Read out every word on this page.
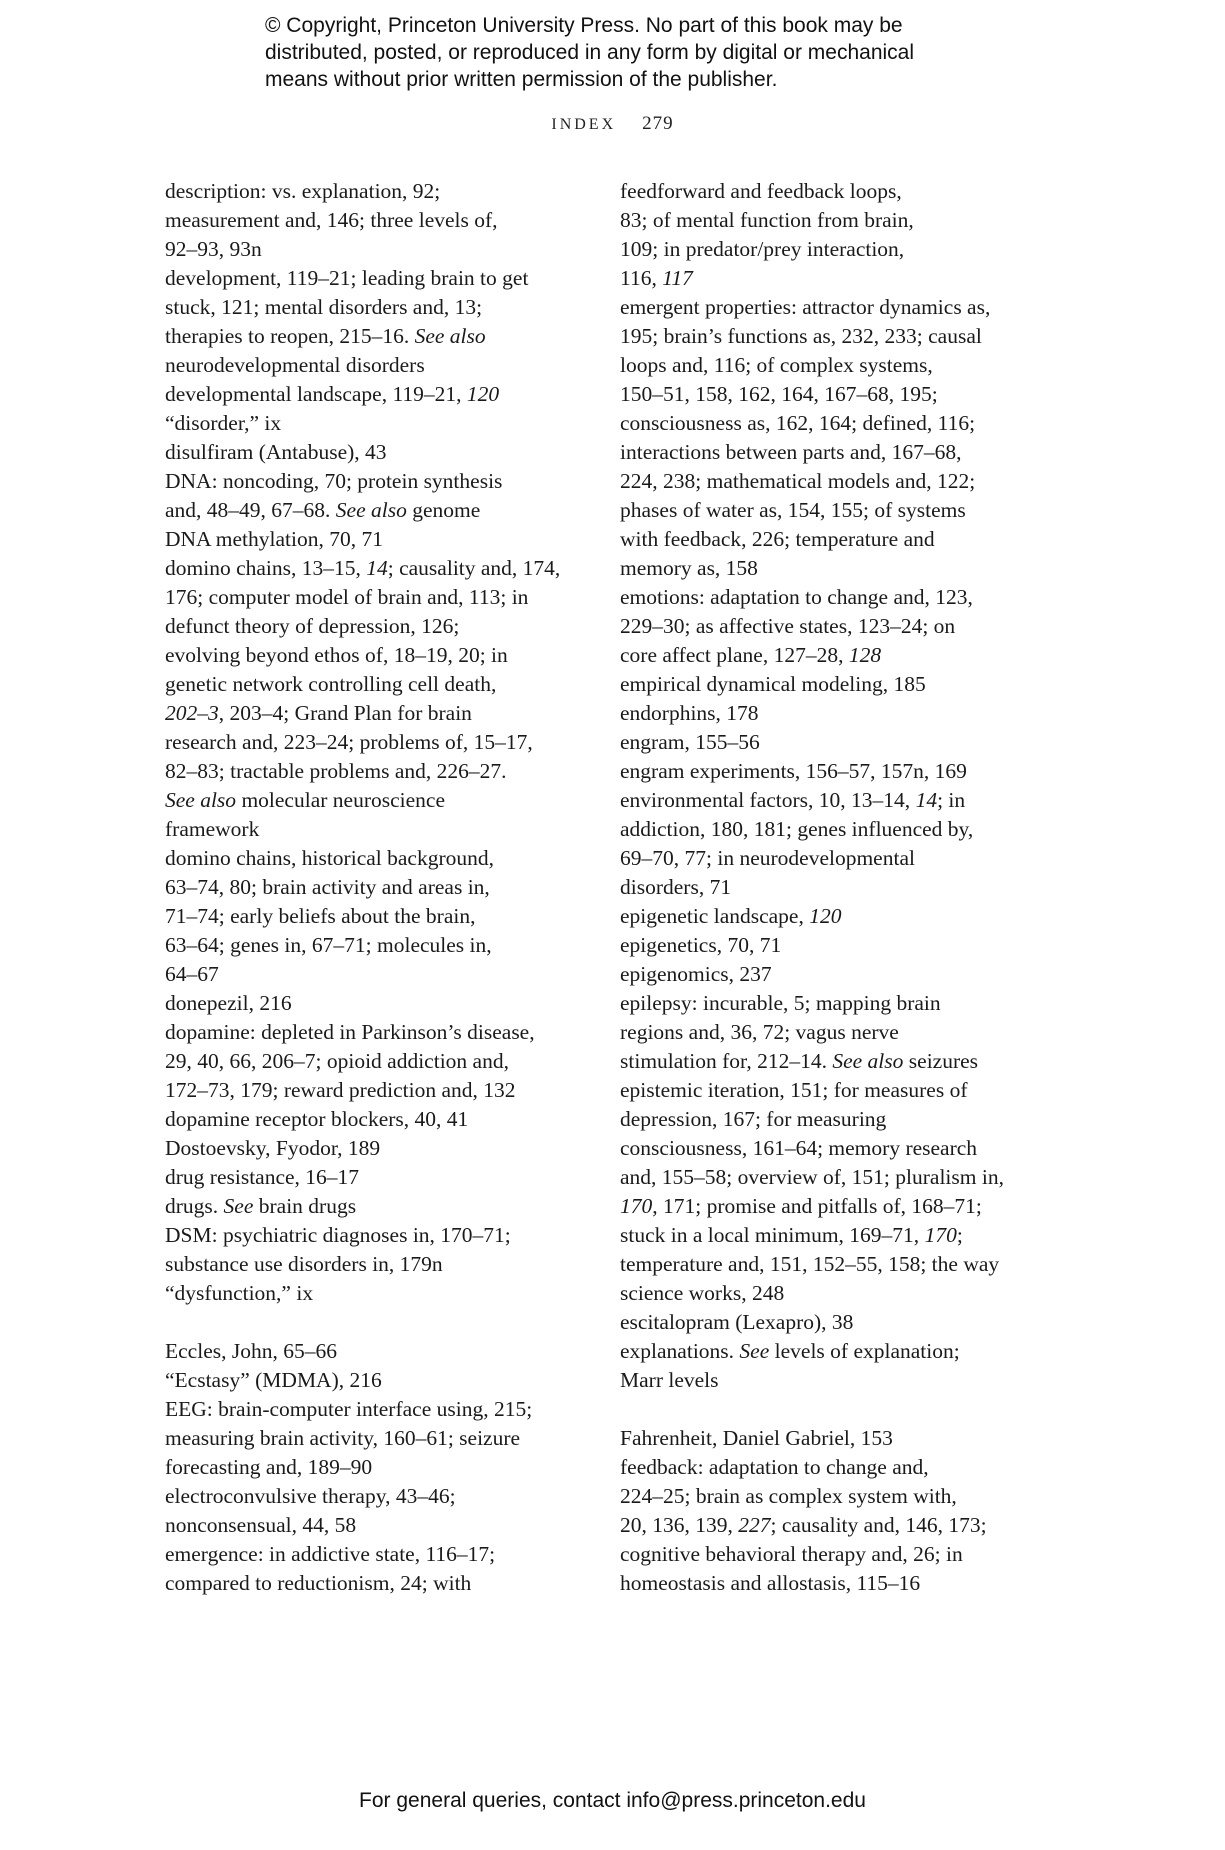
© Copyright, Princeton University Press. No part of this book may be
distributed, posted, or reproduced in any form by digital or mechanical
means without prior written permission of the publisher.
INDEX 279
description: vs. explanation, 92;
measurement and, 146; three levels of,
92–93, 93n
development, 119–21; leading brain to get
stuck, 121; mental disorders and, 13;
therapies to reopen, 215–16. See also
neurodevelopmental disorders
developmental landscape, 119–21, 120
“disorder,” ix
disulfiram (Antabuse), 43
DNA: noncoding, 70; protein synthesis
and, 48–49, 67–68. See also genome
DNA methylation, 70, 71
domino chains, 13–15, 14; causality and, 174,
176; computer model of brain and, 113; in
defunct theory of depression, 126;
evolving beyond ethos of, 18–19, 20; in
genetic network controlling cell death,
202–3, 203–4; Grand Plan for brain
research and, 223–24; problems of, 15–17,
82–83; tractable problems and, 226–27.
See also molecular neuroscience
framework
domino chains, historical background,
63–74, 80; brain activity and areas in,
71–74; early beliefs about the brain,
63–64; genes in, 67–71; molecules in,
64–67
donepezil, 216
dopamine: depleted in Parkinson’s disease,
29, 40, 66, 206–7; opioid addiction and,
172–73, 179; reward prediction and, 132
dopamine receptor blockers, 40, 41
Dostoevsky, Fyodor, 189
drug resistance, 16–17
drugs. See brain drugs
DSM: psychiatric diagnoses in, 170–71;
substance use disorders in, 179n
“dysfunction,” ix
Eccles, John, 65–66
“Ecstasy” (MDMA), 216
EEG: brain-computer interface using, 215;
measuring brain activity, 160–61; seizure
forecasting and, 189–90
electroconvulsive therapy, 43–46;
nonconsensual, 44, 58
emergence: in addictive state, 116–17;
compared to reductionism, 24; with
feedforward and feedback loops,
83; of mental function from brain,
109; in predator/prey interaction,
116, 117
emergent properties: attractor dynamics as,
195; brain’s functions as, 232, 233; causal
loops and, 116; of complex systems,
150–51, 158, 162, 164, 167–68, 195;
consciousness as, 162, 164; defined, 116;
interactions between parts and, 167–68,
224, 238; mathematical models and, 122;
phases of water as, 154, 155; of systems
with feedback, 226; temperature and
memory as, 158
emotions: adaptation to change and, 123,
229–30; as affective states, 123–24; on
core affect plane, 127–28, 128
empirical dynamical modeling, 185
endorphins, 178
engram, 155–56
engram experiments, 156–57, 157n, 169
environmental factors, 10, 13–14, 14; in
addiction, 180, 181; genes influenced by,
69–70, 77; in neurodevelopmental
disorders, 71
epigenetic landscape, 120
epigenetics, 70, 71
epigenomics, 237
epilepsy: incurable, 5; mapping brain
regions and, 36, 72; vagus nerve
stimulation for, 212–14. See also seizures
epistemic iteration, 151; for measures of
depression, 167; for measuring
consciousness, 161–64; memory research
and, 155–58; overview of, 151; pluralism in,
170, 171; promise and pitfalls of, 168–71;
stuck in a local minimum, 169–71, 170;
temperature and, 151, 152–55, 158; the way
science works, 248
escitalopram (Lexapro), 38
explanations. See levels of explanation;
Marr levels
Fahrenheit, Daniel Gabriel, 153
feedback: adaptation to change and,
224–25; brain as complex system with,
20, 136, 139, 227; causality and, 146, 173;
cognitive behavioral therapy and, 26; in
homeostasis and allostasis, 115–16
For general queries, contact info@press.princeton.edu
